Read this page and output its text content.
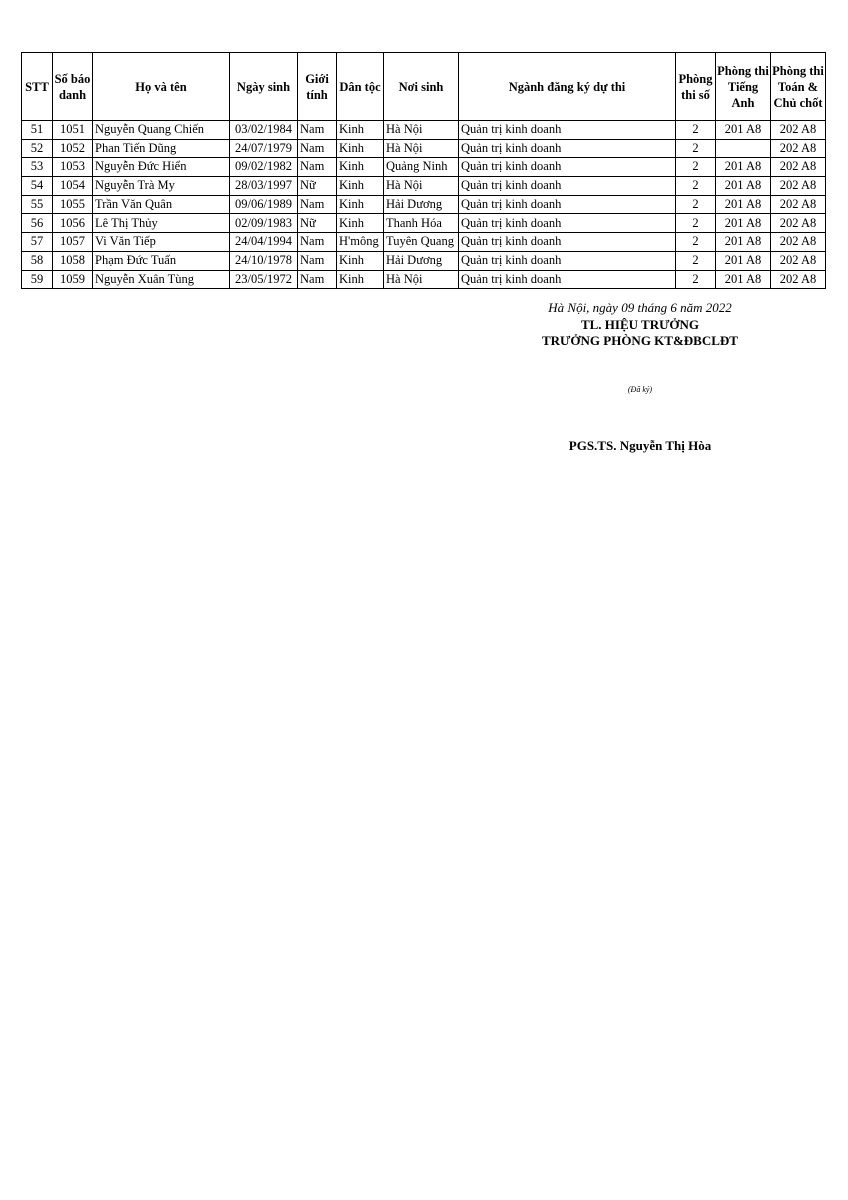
STT	Số báo danh	Họ và tên	Ngày sinh	Giới tính	Dân tộc	Nơi sinh	Ngành đăng ký dự thi	Phòng thi số	Phòng thi Tiếng Anh	Phòng thi Toán & Chủ chốt
51	1051	Nguyễn Quang Chiến	03/02/1984	Nam	Kinh	Hà Nội	Quản trị kinh doanh	2	201 A8	202 A8
52	1052	Phan Tiến Dũng	24/07/1979	Nam	Kinh	Hà Nội	Quản trị kinh doanh	2		202 A8
53	1053	Nguyễn Đức Hiển	09/02/1982	Nam	Kinh	Quảng Ninh	Quản trị kinh doanh	2	201 A8	202 A8
54	1054	Nguyễn Trà My	28/03/1997	Nữ	Kinh	Hà Nội	Quản trị kinh doanh	2	201 A8	202 A8
55	1055	Trần Văn Quân	09/06/1989	Nam	Kinh	Hải Dương	Quản trị kinh doanh	2	201 A8	202 A8
56	1056	Lê Thị Thủy	02/09/1983	Nữ	Kinh	Thanh Hóa	Quản trị kinh doanh	2	201 A8	202 A8
57	1057	Vi Văn Tiếp	24/04/1994	Nam	H'mông	Tuyên Quang	Quản trị kinh doanh	2	201 A8	202 A8
58	1058	Phạm Đức Tuấn	24/10/1978	Nam	Kinh	Hải Dương	Quản trị kinh doanh	2	201 A8	202 A8
59	1059	Nguyễn Xuân Tùng	23/05/1972	Nam	Kinh	Hà Nội	Quản trị kinh doanh	2	201 A8	202 A8
Hà Nội, ngày 09 tháng 6 năm 2022
TL. HIỆU TRƯỞNG
TRƯỞNG PHÒNG KT&ĐBCLĐT
(Đã ký)
PGS.TS. Nguyễn Thị Hòa
